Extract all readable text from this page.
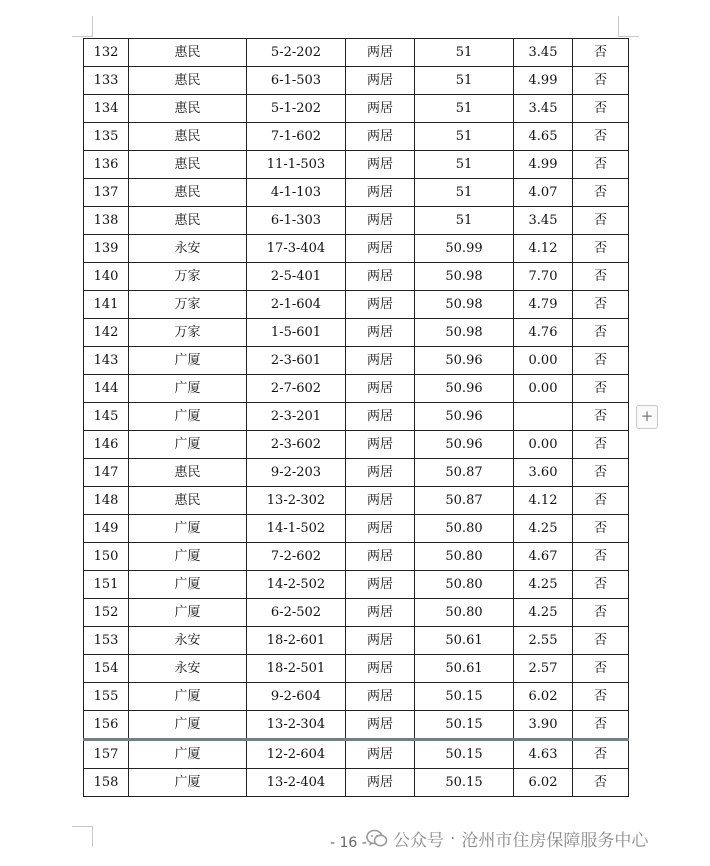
132	惠民	5-2-202	两居	51	3.45	否
133	惠民	6-1-503	两居	51	4.99	否
134	惠民	5-1-202	两居	51	3.45	否
135	惠民	7-1-602	两居	51	4.65	否
136	惠民	11-1-503	两居	51	4.99	否
137	惠民	4-1-103	两居	51	4.07	否
138	惠民	6-1-303	两居	51	3.45	否
139	永安	17-3-404	两居	50.99	4.12	否
140	万家	2-5-401	两居	50.98	7.70	否
141	万家	2-1-604	两居	50.98	4.79	否
142	万家	1-5-601	两居	50.98	4.76	否
143	广厦	2-3-601	两居	50.96	0.00	否
144	广厦	2-7-602	两居	50.96	0.00	否
145	广厦	2-3-201	两居	50.96		否
146	广厦	2-3-602	两居	50.96	0.00	否
147	惠民	9-2-203	两居	50.87	3.60	否
148	惠民	13-2-302	两居	50.87	4.12	否
149	广厦	14-1-502	两居	50.80	4.25	否
150	广厦	7-2-602	两居	50.80	4.67	否
151	广厦	14-2-502	两居	50.80	4.25	否
152	广厦	6-2-502	两居	50.80	4.25	否
153	永安	18-2-601	两居	50.61	2.55	否
154	永安	18-2-501	两居	50.61	2.57	否
155	广厦	9-2-604	两居	50.15	6.02	否
156	广厦	13-2-304	两居	50.15	3.90	否
157	广厦	12-2-604	两居	50.15	4.63	否
158	广厦	13-2-404	两居	50.15	6.02	否
+
- 16 - 公众号 · 沧州市住房保障服务中心
